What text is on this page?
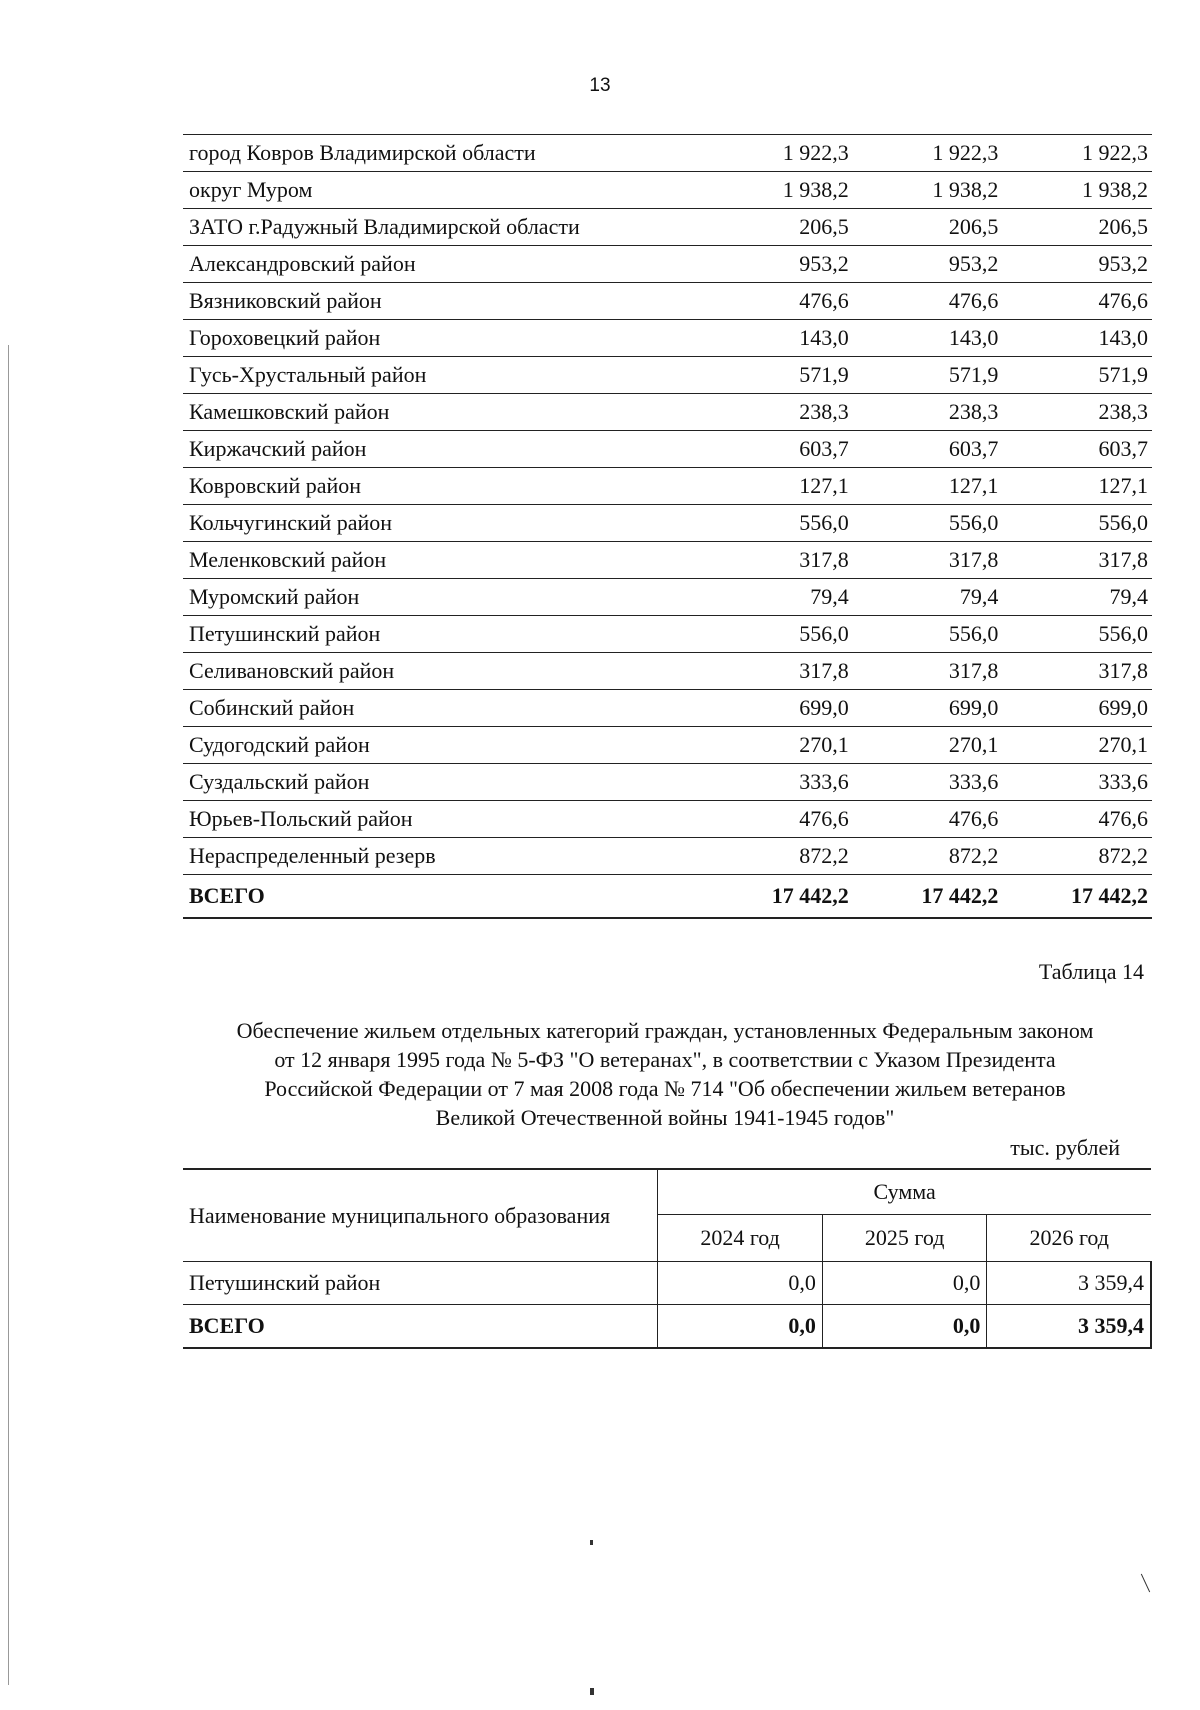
13
город Ковров Владимирской области	1 922,3	1 922,3	1 922,3
округ Муром	1 938,2	1 938,2	1 938,2
ЗАТО г.Радужный Владимирской области	206,5	206,5	206,5
Александровский район	953,2	953,2	953,2
Вязниковский район	476,6	476,6	476,6
Гороховецкий район	143,0	143,0	143,0
Гусь-Хрустальный район	571,9	571,9	571,9
Камешковский район	238,3	238,3	238,3
Киржачский район	603,7	603,7	603,7
Ковровский район	127,1	127,1	127,1
Кольчугинский район	556,0	556,0	556,0
Меленковский район	317,8	317,8	317,8
Муромский район	79,4	79,4	79,4
Петушинский район	556,0	556,0	556,0
Селивановский район	317,8	317,8	317,8
Собинский район	699,0	699,0	699,0
Судогодский район	270,1	270,1	270,1
Суздальский район	333,6	333,6	333,6
Юрьев-Польский район	476,6	476,6	476,6
Нераспределенный резерв	872,2	872,2	872,2
ВСЕГО	17 442,2	17 442,2	17 442,2
Таблица 14
Обеспечение жильем отдельных категорий граждан, установленных Федеральным законом
от 12 января 1995 года № 5-ФЗ "О ветеранах", в соответствии с Указом Президента
Российской Федерации от 7 мая 2008 года № 714 "Об обеспечении жильем ветеранов
Великой Отечественной войны 1941-1945 годов"
тыс. рублей
Наименование муниципального образования	Сумма		
	2024 год	2025 год	2026 год
Петушинский район	0,0	0,0	3 359,4
ВСЕГО	0,0	0,0	3 359,4
